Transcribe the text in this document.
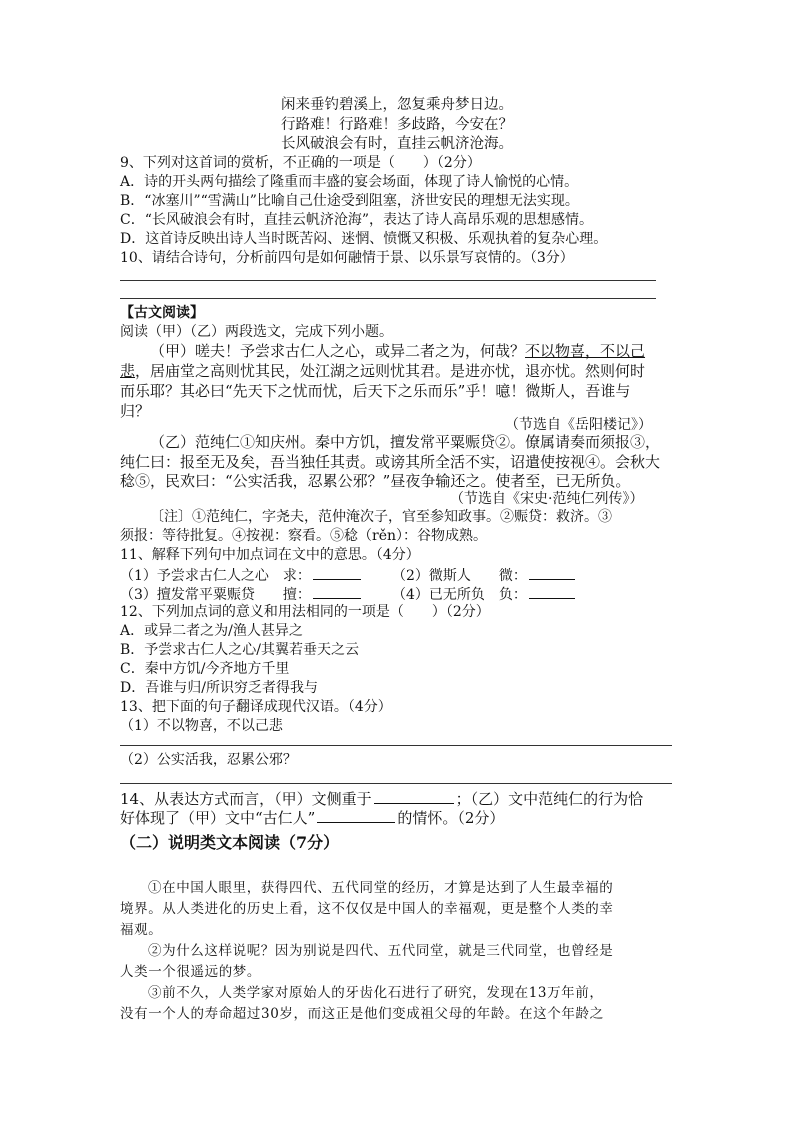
闲来垂钓碧溪上，忽复乘舟梦日边。
行路难！行路难！多歧路，今安在？
长风破浪会有时，直挂云帆济沧海。
9、下列对这首词的赏析，不正确的一项是（　　）（2分）
A．诗的开头两句描绘了隆重而丰盛的宴会场面，体现了诗人愉悦的心情。
B．“冰塞川”“雪满山”比喻自己仕途受到阻塞，济世安民的理想无法实现。
C．“长风破浪会有时，直挂云帆济沧海”，表达了诗人高昂乐观的思想感情。
D．这首诗反映出诗人当时既苦闷、迷惘、愤慨又积极、乐观执着的复杂心理。
10、请结合诗句，分析前四句是如何融情于景、以乐景写哀情的。（3分）
【古文阅读】
阅读（甲）（乙）两段选文，完成下列小题。
（甲）嗟夫！予尝求古仁人之心，或异二者之为，何哉？不以物喜，不以己
悲，居庙堂之高则忧其民，处江湖之远则忧其君。是进亦忧，退亦忧。然则何时
而乐耶？其必曰“先天下之忧而忧，后天下之乐而乐”乎！噫！微斯人，吾谁与
归？
（节选自《岳阳楼记》）
（乙）范纯仁①知庆州。秦中方饥，擅发常平粟赈贷②。僚属请奏而须报③，
纯仁曰：报至无及矣，吾当独任其责。或谤其所全活不实，诏遣使按视④。会秋大
稔⑤，民欢曰：“公实活我，忍累公邪？”昼夜争输还之。使者至，已无所负。
（节选自《宋史·范纯仁列传》）
〔注〕①范纯仁，字尧夫，范仲淹次子，官至参知政事。②赈贷：救济。③
须报：等待批复。④按视：察看。⑤稔（rěn）：谷物成熟。
11、解释下列句中加点词在文中的意思。（4分）
（1）予尝求古仁人之心　求：	（2）微斯人　　微：
（3）擅发常平粟赈贷　　擅：	（4）已无所负　负：
12、下列加点词的意义和用法相同的一项是（　　）（2分）
A．或异二者之为/渔人甚异之
B．予尝求古仁人之心/其翼若垂天之云
C．秦中方饥/今齐地方千里
D．吾谁与归/所识穷乏者得我与
13、把下面的句子翻译成现代汉语。（4分）
（1）不以物喜，不以己悲
（2）公实活我，忍累公邪？
14、从表达方式而言，（甲）文侧重于	；（乙）文中范纯仁的行为恰
好体现了（甲）文中“古仁人”	的情怀。（2分）
（二）说明类文本阅读（7分）
①在中国人眼里，获得四代、五代同堂的经历，才算是达到了人生最幸福的
境界。从人类进化的历史上看，这不仅仅是中国人的幸福观，更是整个人类的幸
福观。
②为什么这样说呢？因为别说是四代、五代同堂，就是三代同堂，也曾经是
人类一个很遥远的梦。
③前不久，人类学家对原始人的牙齿化石进行了研究，发现在13万年前，
没有一个人的寿命超过30岁，而这正是他们变成祖父母的年龄。在这个年龄之
